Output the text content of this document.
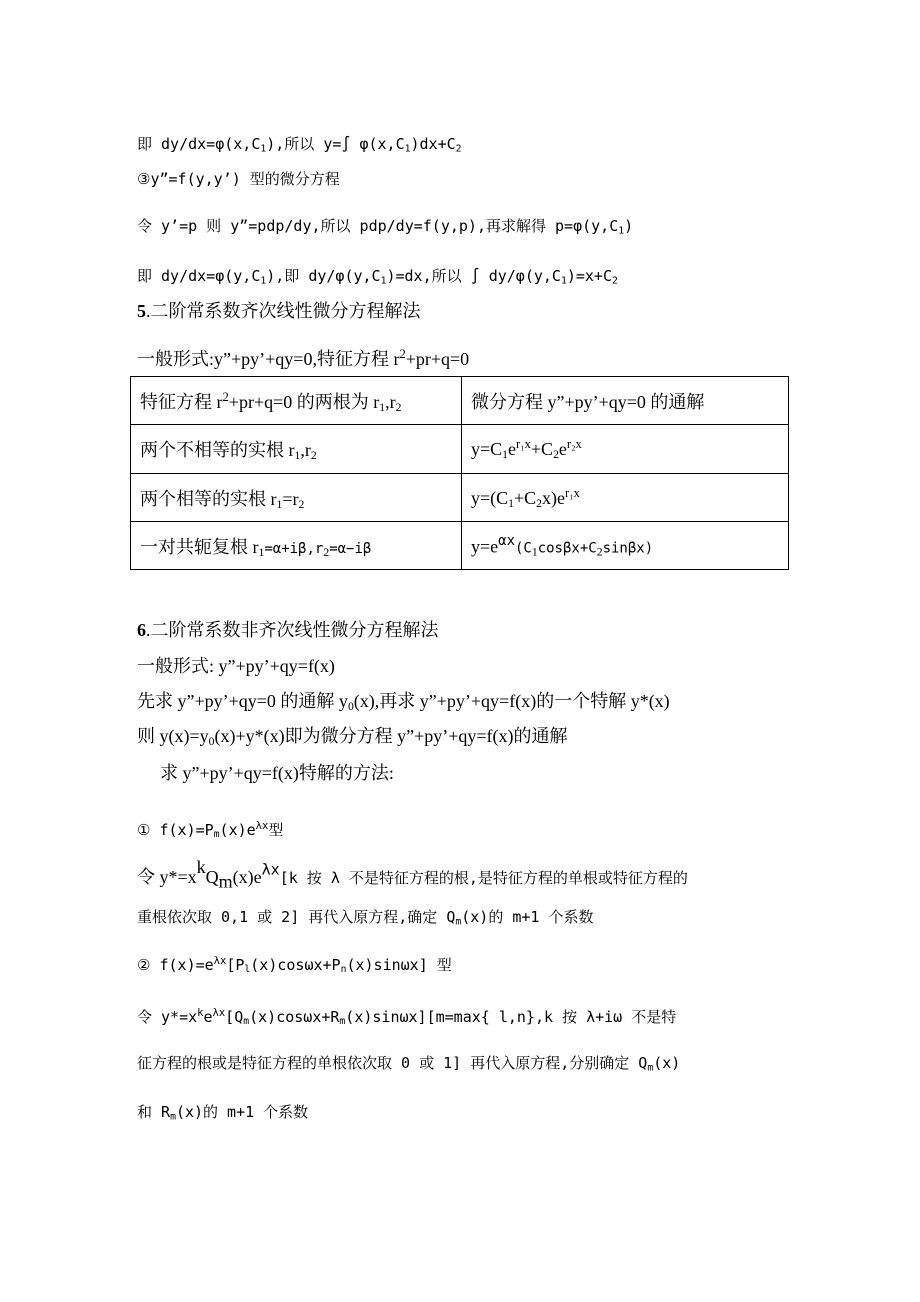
即 $dy/dx=\varphi(x,C_1)$,所以 y=∫ $\varphi(x,C_1)dx+C_2$
③y”=f(y,y’) 型的微分方程
令 y’=p 则 y”=pdp/dy,所以 pdp/dy=f(y,p),再求解得 $p=\varphi(y,C_1)$
即 $dy/dx=\varphi(y,C_1)$,即 $dy/\varphi(y,C_1)=dx$,所以 ∫ $dy/\varphi(y,C_1)=x+C_2$
5.二阶常系数齐次线性微分方程解法
一般形式:y”+py’+qy=0,特征方程 $r^2+pr+q=0$
特征方程 $r^2+pr+q=0$ 的两根为 $r_1,r_2$	微分方程 y”+py’+qy=0 的通解
两个不相等的实根 $r_1,r_2$	$y=C_1e^{r_1x}+C_2e^{r_2x}$
两个相等的实根 $r_1=r_2$	$y=(C_1+C_2x)e^{r_1x}$
一对共轭复根 $r_1=\alpha+i\beta,r_2=\alpha-i\beta$	$y=e^{\alpha x}(C_1\cos\beta x+C_2\sin\beta x)$
6.二阶常系数非齐次线性微分方程解法
一般形式: y”+py’+qy=f(x)
先求 y”+py’+qy=0 的通解 $y_0(x)$,再求 y”+py’+qy=f(x)的一个特解 y*(x)
则 $y(x)=y_0(x)+y*(x)$即为微分方程 y”+py’+qy=f(x)的通解
求 y”+py’+qy=f(x)特解的方法:
① $f(x)=P_m(x)e^{\lambda x}$型
令 $y*=x^kQ_m(x)e^{\lambda x}[k$ 按 λ 不是特征方程的根,是特征方程的单根或特征方程的
重根依次取 0,1 或 2] 再代入原方程,确定 $Q_m(x)$的 m+1 个系数
② $f(x)=e^{\lambda x}[P_l(x)\cos\omega x+P_n(x)\sin\omega x]$ 型
令 $y*=x^ke^{\lambda x}[Q_m(x)\cos\omega x+R_m(x)\sin\omega x][m=\max${ l,n},k 按 λ+iω 不是特
征方程的根或是特征方程的单根依次取 0 或 1] 再代入原方程,分别确定 $Q_m(x)$
和 $R_m(x)$的 m+1 个系数
